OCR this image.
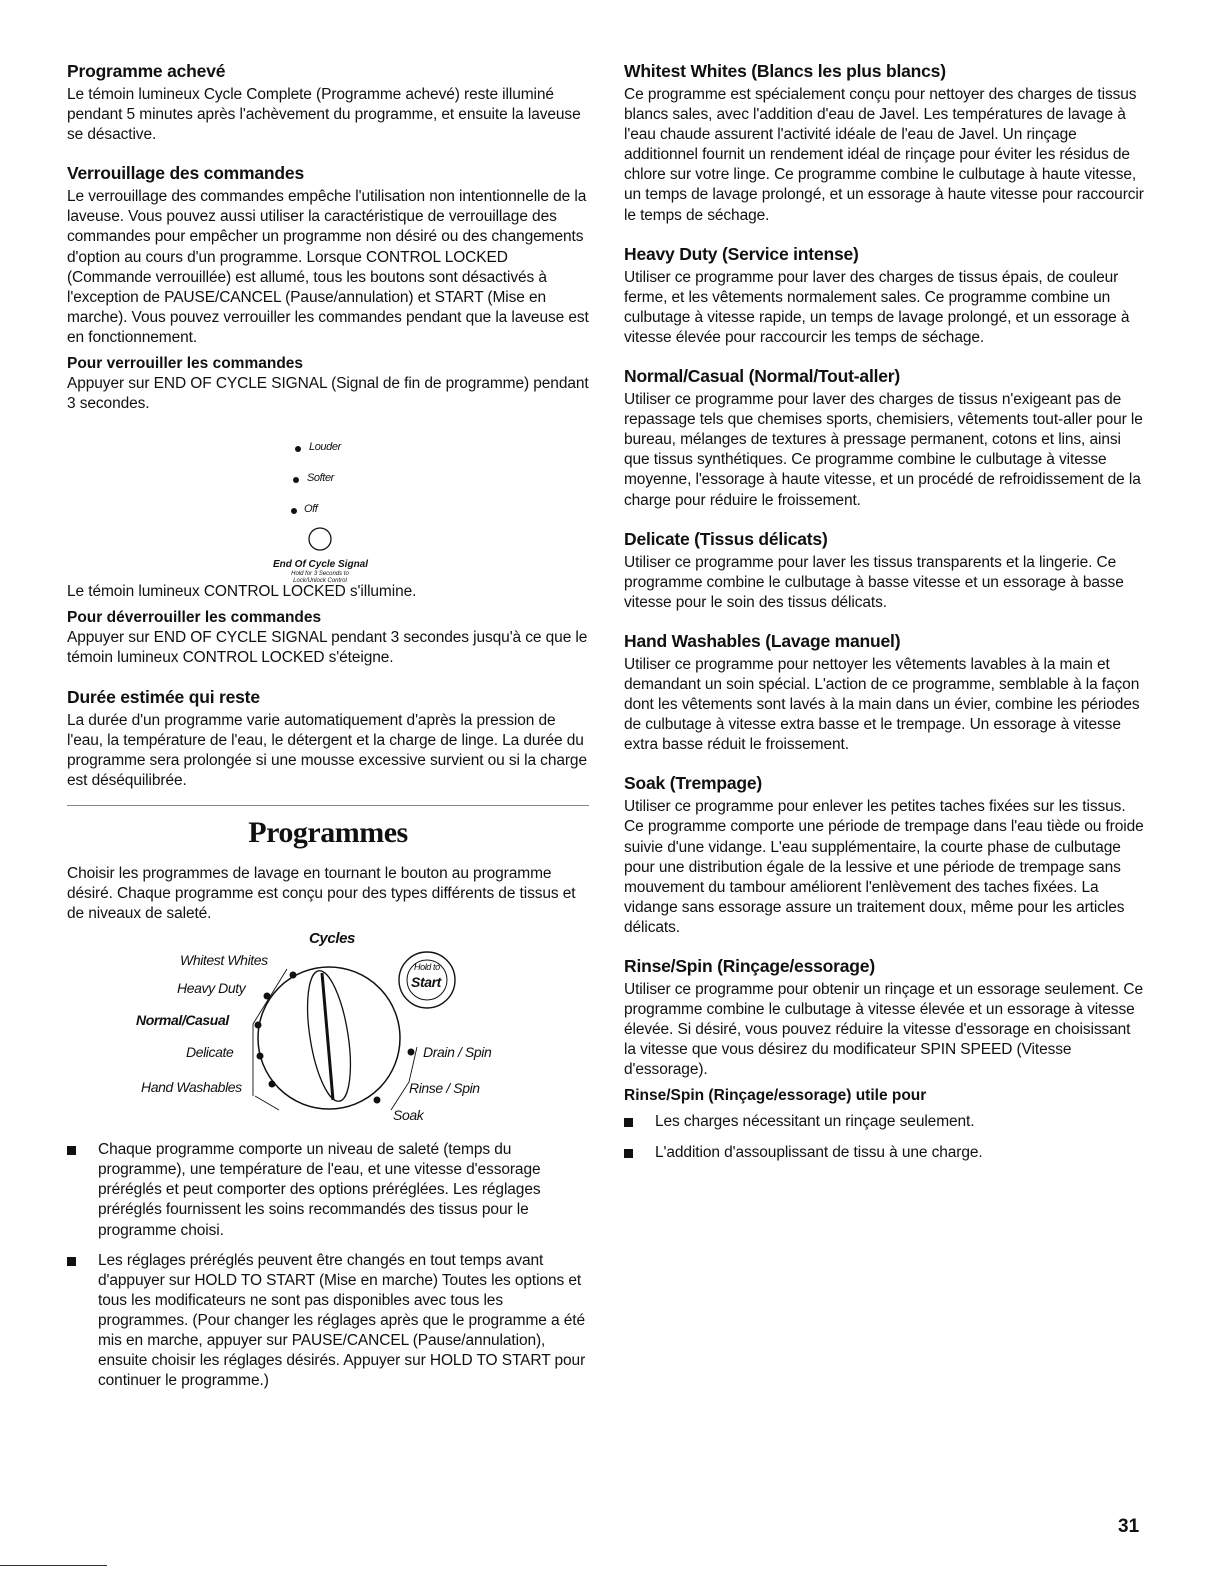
Programme achevé

Le témoin lumineux Cycle Complete (Programme achevé) reste illuminé pendant 5 minutes après l'achèvement du programme, et ensuite la laveuse se désactive.

Verrouillage des commandes

Le verrouillage des commandes empêche l'utilisation non intentionnelle de la laveuse. Vous pouvez aussi utiliser la caractéristique de verrouillage des commandes pour empêcher un programme non désiré ou des changements d'option au cours d'un programme. Lorsque CONTROL LOCKED (Commande verrouillée) est allumé, tous les boutons sont désactivés à l'exception de PAUSE/CANCEL (Pause/annulation) et START (Mise en marche). Vous pouvez verrouiller les commandes pendant que la laveuse est en fonctionnement.

Pour verrouiller les commandes

Appuyer sur END OF CYCLE SIGNAL (Signal de fin de programme) pendant 3 secondes.

Louder
Softer
Off
End Of Cycle Signal
Hold for 3 Seconds to
Lock/Unlock Control

Le témoin lumineux CONTROL LOCKED s'illumine.

Pour déverrouiller les commandes

Appuyer sur END OF CYCLE SIGNAL pendant 3 secondes jusqu'à ce que le témoin lumineux CONTROL LOCKED s'éteigne.

Durée estimée qui reste

La durée d'un programme varie automatiquement d'après la pression de l'eau, la température de l'eau, le détergent et la charge de linge. La durée du programme sera prolongée si une mousse excessive survient ou si la charge est déséquilibrée.

Programmes

Choisir les programmes de lavage en tournant le bouton au programme désiré. Chaque programme est conçu pour des types différents de tissus et de niveaux de saleté.

Cycles
Whitest Whites
Heavy Duty
Normal/Casual
Delicate
Hand Washables
Drain / Spin
Rinse / Spin
Soak
Hold to
Start
Chaque programme comporte un niveau de saleté (temps du programme), une température de l'eau, et une vitesse d'essorage préréglés et peut comporter des options préréglées. Les réglages préréglés fournissent les soins recommandés des tissus pour le programme choisi.
Les réglages préréglés peuvent être changés en tout temps avant d'appuyer sur HOLD TO START (Mise en marche) Toutes les options et tous les modificateurs ne sont pas disponibles avec tous les programmes. (Pour changer les réglages après que le programme a été mis en marche, appuyer sur PAUSE/CANCEL (Pause/annulation), ensuite choisir les réglages désirés. Appuyer sur HOLD TO START pour continuer le programme.)
Whitest Whites (Blancs les plus blancs)

Ce programme est spécialement conçu pour nettoyer des charges de tissus blancs sales, avec l'addition d'eau de Javel. Les températures de lavage à l'eau chaude assurent l'activité idéale de l'eau de Javel. Un rinçage additionnel fournit un rendement idéal de rinçage pour éviter les résidus de chlore sur votre linge. Ce programme combine le culbutage à haute vitesse, un temps de lavage prolongé, et un essorage à haute vitesse pour raccourcir le temps de séchage.

Heavy Duty (Service intense)

Utiliser ce programme pour laver des charges de tissus épais, de couleur ferme, et les vêtements normalement sales. Ce programme combine un culbutage à vitesse rapide, un temps de lavage prolongé, et un essorage à vitesse élevée pour raccourcir les temps de séchage.

Normal/Casual (Normal/Tout-aller)

Utiliser ce programme pour laver des charges de tissus n'exigeant pas de repassage tels que chemises sports, chemisiers, vêtements tout-aller pour le bureau, mélanges de textures à pressage permanent, cotons et lins, ainsi que tissus synthétiques. Ce programme combine le culbutage à vitesse moyenne, l'essorage à haute vitesse, et un procédé de refroidissement de la charge pour réduire le froissement.

Delicate (Tissus délicats)

Utiliser ce programme pour laver les tissus transparents et la lingerie. Ce programme combine le culbutage à basse vitesse et un essorage à basse vitesse pour le soin des tissus délicats.

Hand Washables (Lavage manuel)

Utiliser ce programme pour nettoyer les vêtements lavables à la main et demandant un soin spécial. L'action de ce programme, semblable à la façon dont les vêtements sont lavés à la main dans un évier, combine les périodes de culbutage à vitesse extra basse et le trempage. Un essorage à vitesse extra basse réduit le froissement.

Soak (Trempage)

Utiliser ce programme pour enlever les petites taches fixées sur les tissus. Ce programme comporte une période de trempage dans l'eau tiède ou froide suivie d'une vidange. L'eau supplémentaire, la courte phase de culbutage pour une distribution égale de la lessive et une période de trempage sans mouvement du tambour améliorent l'enlèvement des taches fixées. La vidange sans essorage assure un traitement doux, même pour les articles délicats.

Rinse/Spin (Rinçage/essorage)

Utiliser ce programme pour obtenir un rinçage et un essorage seulement. Ce programme combine le culbutage à vitesse élevée et un essorage à vitesse élevée. Si désiré, vous pouvez réduire la vitesse d'essorage en choisissant la vitesse que vous désirez du modificateur SPIN SPEED (Vitesse d'essorage).

Rinse/Spin (Rinçage/essorage) utile pour
Les charges nécessitant un rinçage seulement.
L'addition d'assouplissant de tissu à une charge.
31
